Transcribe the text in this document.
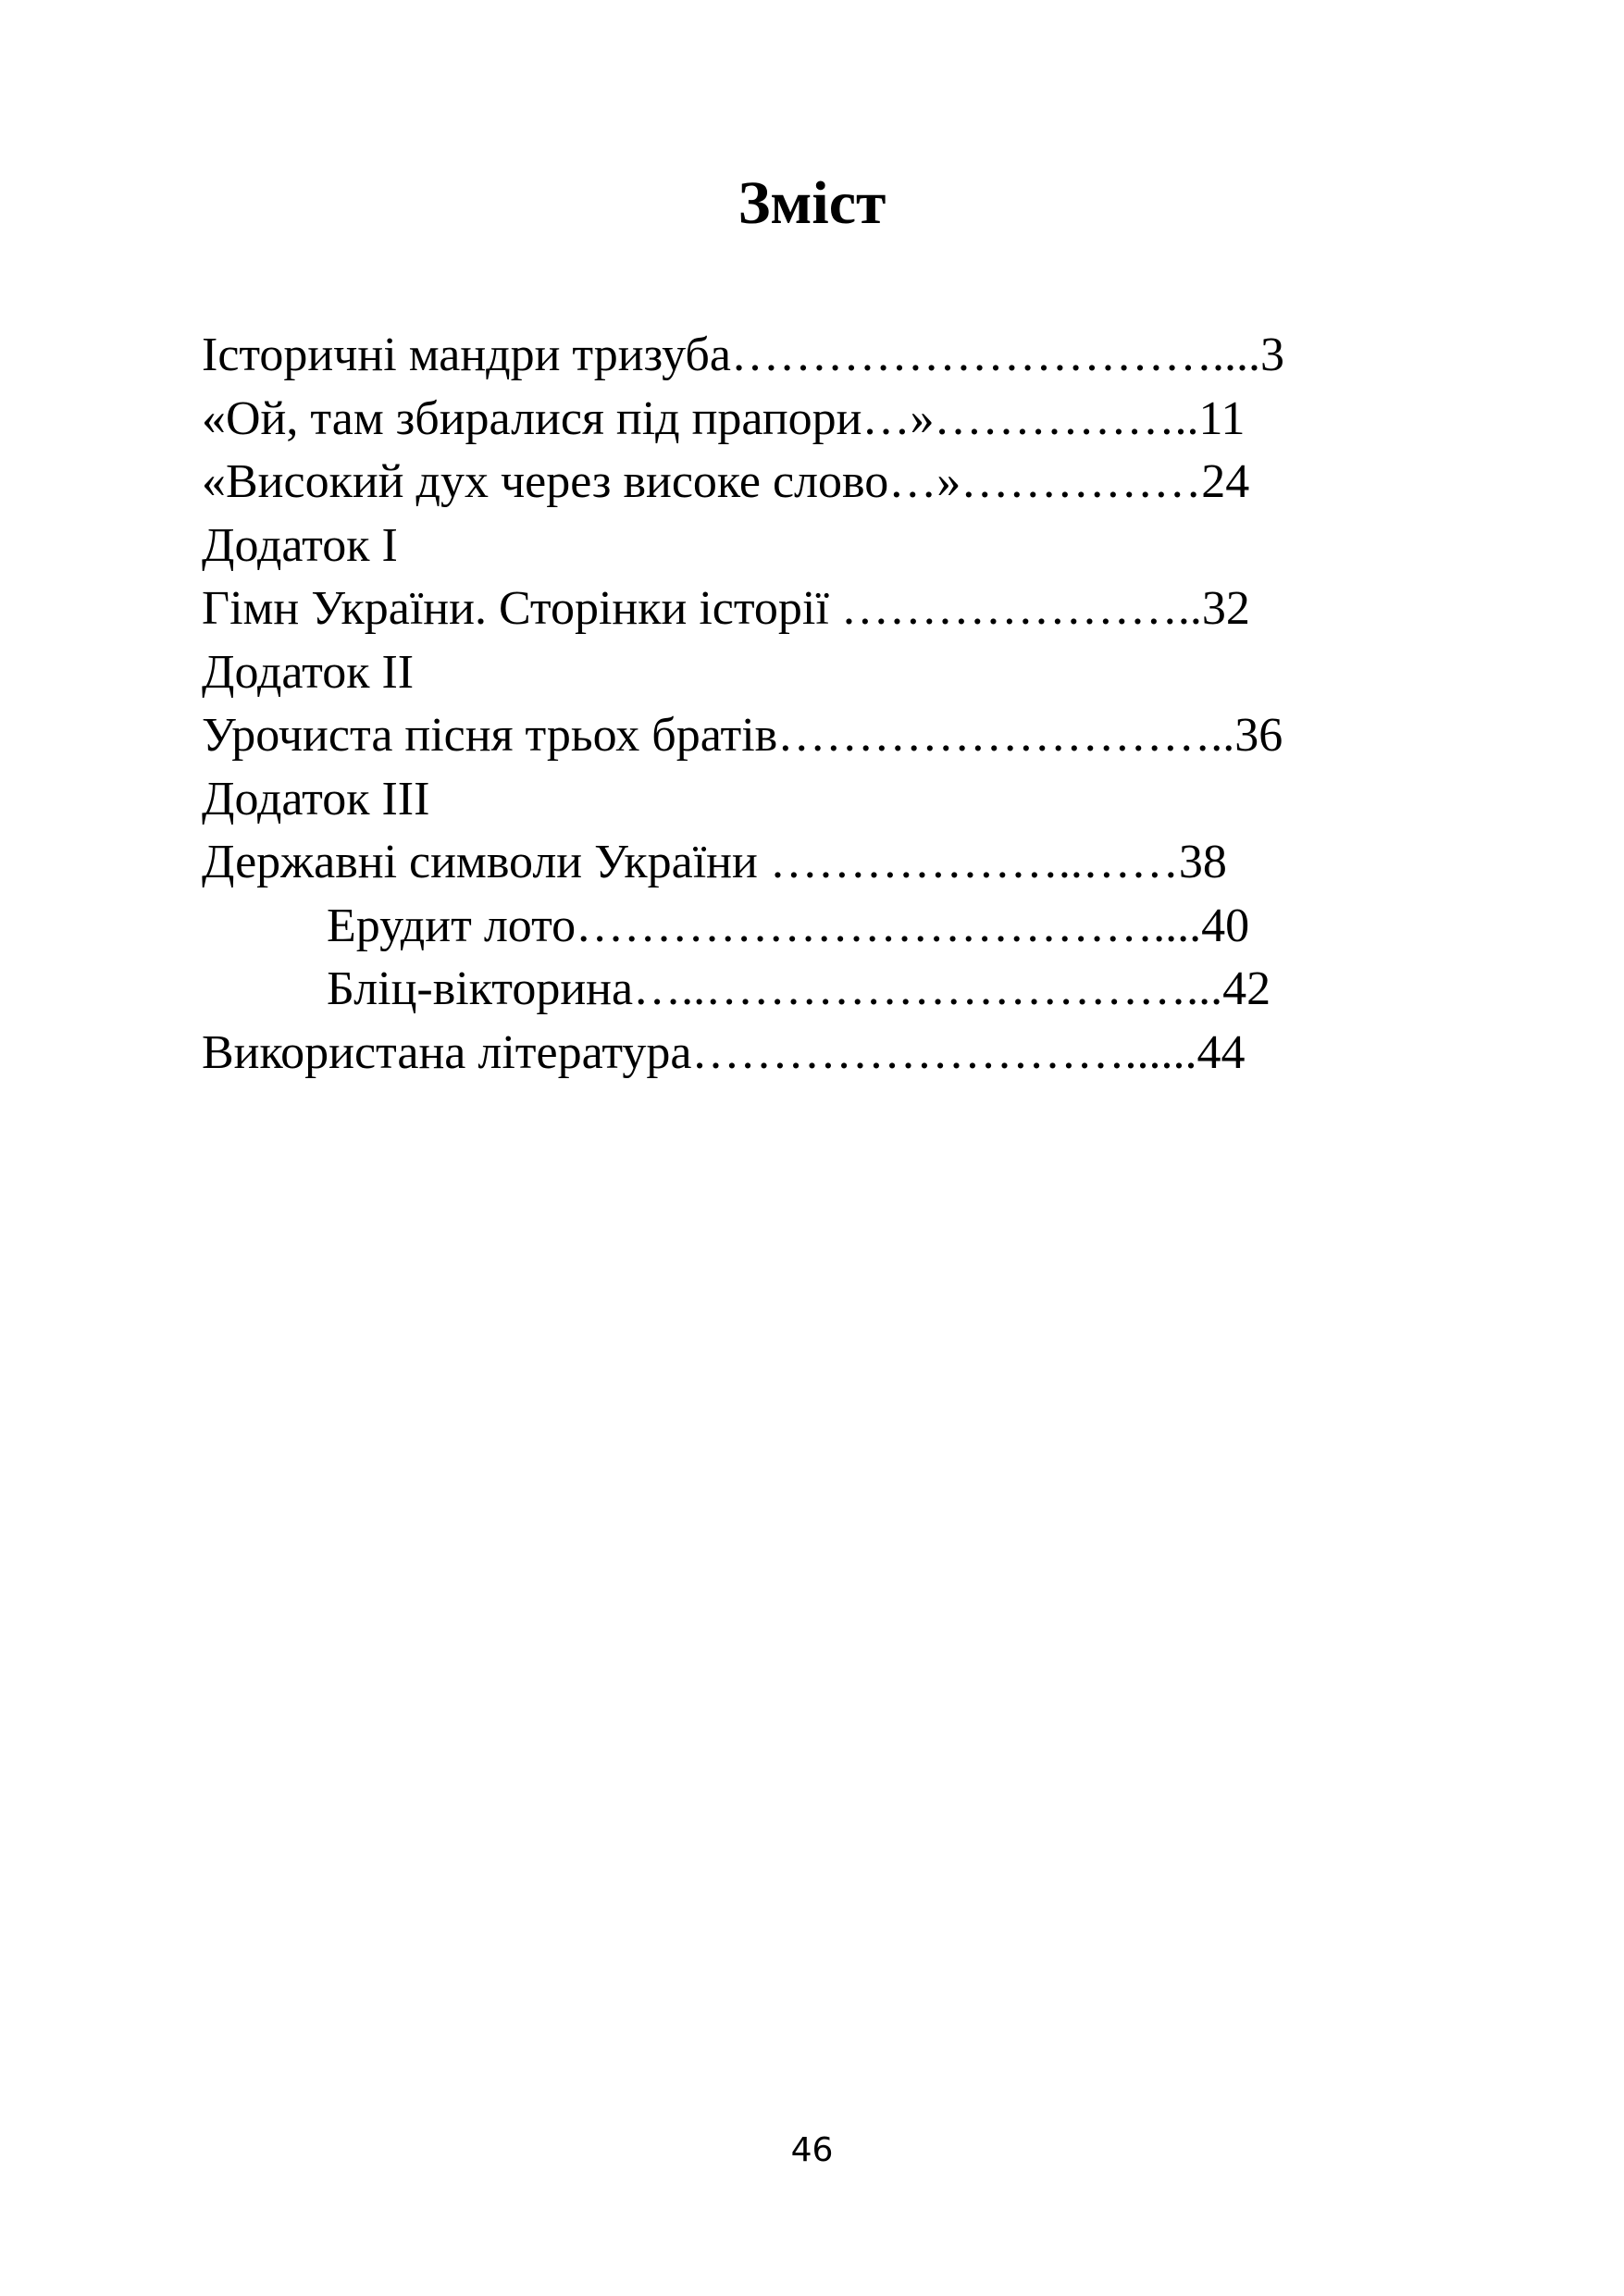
Зміст
Історичні мандри тризуба…………………………....3
«Ой, там збиралися під прапори…»……………..11
«Високий дух через високе слово…»……………24
Додаток I
Гімн України. Сторінки історії …………………..32
Додаток II
Урочиста пісня трьох братів………………………..36
Додаток III
Державні символи України ………………..……38
Ерудит лото………………………………....40
Бліц-вікторина…..…………………………...42
Використана література………………………......44
46
